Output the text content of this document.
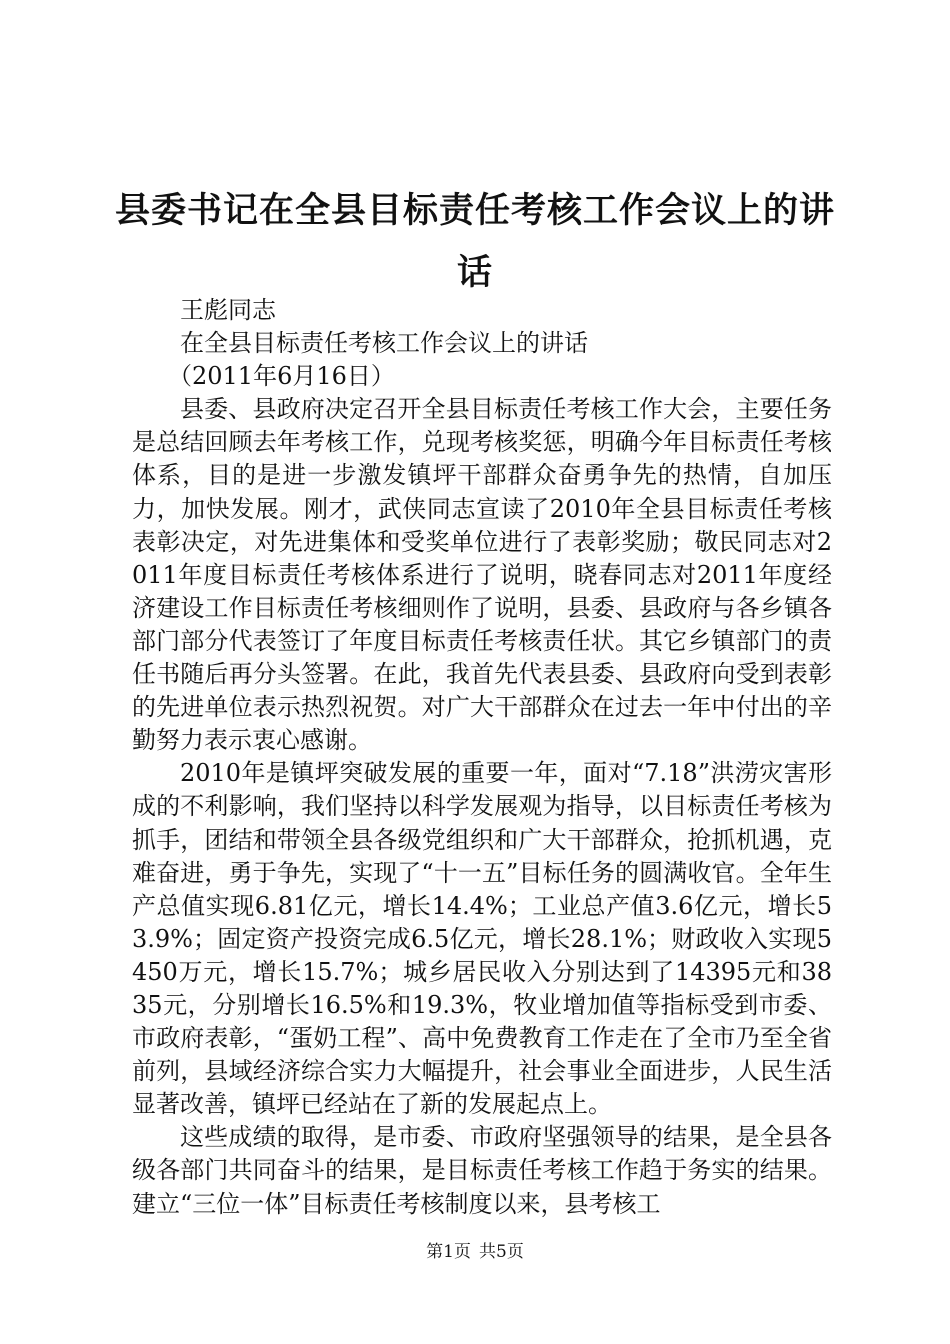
县委书记在全县目标责任考核工作会议上的讲话

王彪同志

在全县目标责任考核工作会议上的讲话

（2011年6月16日）

县委、县政府决定召开全县目标责任考核工作大会，主要任务是总结回顾去年考核工作，兑现考核奖惩，明确今年目标责任考核体系，目的是进一步激发镇坪干部群众奋勇争先的热情，自加压力，加快发展。刚才，武侠同志宣读了2010年全县目标责任考核表彰决定，对先进集体和受奖单位进行了表彰奖励；敬民同志对2011年度目标责任考核体系进行了说明，晓春同志对2011年度经济建设工作目标责任考核细则作了说明，县委、县政府与各乡镇各部门部分代表签订了年度目标责任考核责任状。其它乡镇部门的责任书随后再分头签署。在此，我首先代表县委、县政府向受到表彰的先进单位表示热烈祝贺。对广大干部群众在过去一年中付出的辛勤努力表示衷心感谢。

2010年是镇坪突破发展的重要一年，面对“7.18”洪涝灾害形成的不利影响，我们坚持以科学发展观为指导，以目标责任考核为抓手，团结和带领全县各级党组织和广大干部群众，抢抓机遇，克难奋进，勇于争先，实现了“十一五”目标任务的圆满收官。全年生产总值实现6.81亿元，增长14.4%；工业总产值3.6亿元，增长53.9%；固定资产投资完成6.5亿元，增长28.1%；财政收入实现5450万元，增长15.7%；城乡居民收入分别达到了14395元和3835元，分别增长16.5%和19.3%，牧业增加值等指标受到市委、市政府表彰，“蛋奶工程”、高中免费教育工作走在了全市乃至全省前列，县域经济综合实力大幅提升，社会事业全面进步，人民生活显著改善，镇坪已经站在了新的发展起点上。

这些成绩的取得，是市委、市政府坚强领导的结果，是全县各级各部门共同奋斗的结果，是目标责任考核工作趋于务实的结果。建立“三位一体”目标责任考核制度以来，县考核工

第1页 共5页
